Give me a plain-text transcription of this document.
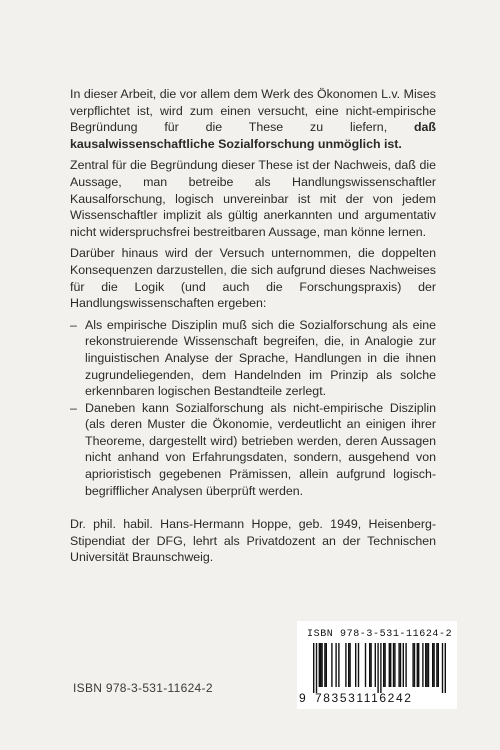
In dieser Arbeit, die vor allem dem Werk des Ökonomen L.v. Mises verpflichtet ist, wird zum einen versucht, eine nicht-empirische Begründung für die These zu liefern, daß kausalwissenschaftliche Sozialforschung unmöglich ist.

Zentral für die Begründung dieser These ist der Nachweis, daß die Aussage, man betreibe als Handlungswissenschaftler Kausalforschung, logisch unvereinbar ist mit der von jedem Wissenschaftler implizit als gültig anerkannten und argumentativ nicht widerspruchsfrei bestreitbaren Aussage, man könne lernen.

Darüber hinaus wird der Versuch unternommen, die doppelten Konsequenzen darzustellen, die sich aufgrund dieses Nachweises für die Logik (und auch die Forschungspraxis) der Handlungswissenschaften ergeben:

– Als empirische Disziplin muß sich die Sozialforschung als eine rekonstruierende Wissenschaft begreifen, die, in Analogie zur linguistischen Analyse der Sprache, Handlungen in die ihnen zugrundeliegenden, dem Handelnden im Prinzip als solche erkennbaren logischen Bestandteile zerlegt.
– Daneben kann Sozialforschung als nicht-empirische Disziplin (als deren Muster die Ökonomie, verdeutlicht an einigen ihrer Theoreme, dargestellt wird) betrieben werden, deren Aussagen nicht anhand von Erfahrungsdaten, sondern, ausgehend von aprioristisch gegebenen Prämissen, allein aufgrund logisch-begrifflicher Analysen überprüft werden.

Dr. phil. habil. Hans-Hermann Hoppe, geb. 1949, Heisenberg-Stipendiat der DFG, lehrt als Privatdozent an der Technischen Universität Braunschweig.

ISBN 978-3-531-11624-2
ISBN 978-3-531-11624-2
9 783531116242
